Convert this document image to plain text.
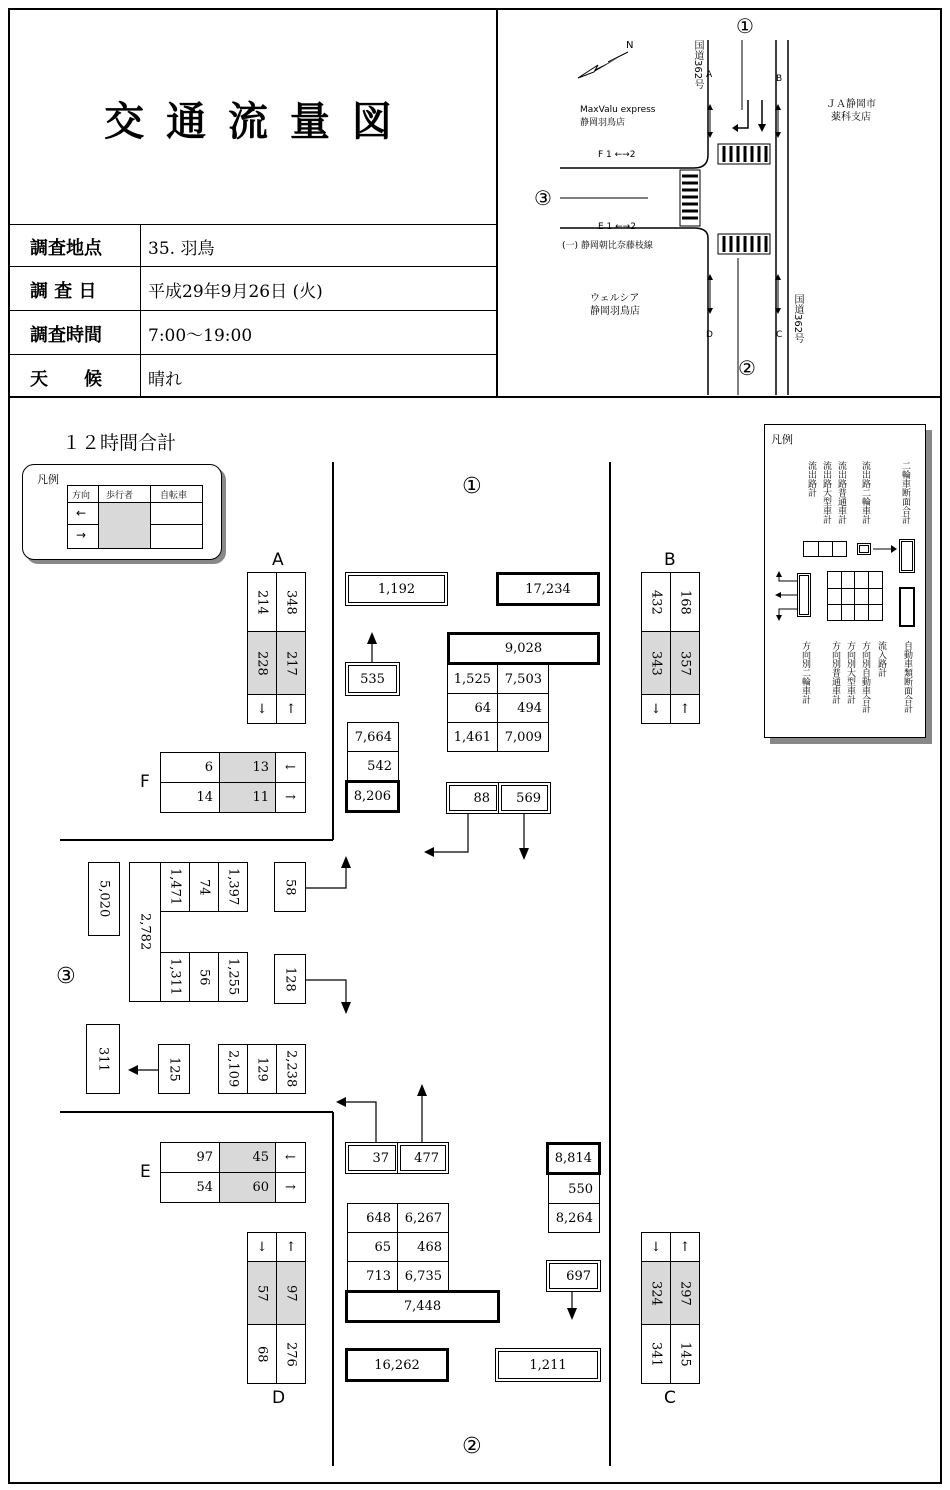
交 通 流 量 図
調査地点	35. 羽鳥
調 査 日	平成29年9月26日 (火)
調査時間	7:00～19:00
天　　候	晴れ
N
①
②
③
国道362号
国道362号
MaxValu express
静岡羽鳥店
ＪＡ静岡市
薬科支店
ウェルシア
静岡羽鳥店
(一) 静岡朝比奈藤枝線
F 1 ←→2
E 1 ←→2
A	B
C
D
１２時間合計
凡例
方向 歩行者	自転車
←
→
凡例
流出路計 流出路大型車計 流出路普通車計 流出路二輪車計	二輪車断面合計
方向別二輪車計 方向別普通車計 方向別大型車計 方向別自動車合計 流入路計 自動車類断面合計
①
②
③
A	B
C
D
E
F
214 348
228 217
↓	↑
432 168
343 357
↓	↑
↓	↑
324 297
341 145
↓	↑
57 97
68 276
6	13	←
14	11	→
97	45	←
54	60	→
1,192	17,234
535
9,028
1,525	7,503
64	494
1,461	7,009
7,664
542
8,206	88	569
5,020
2,782
1,471 74 1,397
1,311 56 1,255
58
128
311	125	2,109 129 2,238
37	477
648	6,267
65	468
713	6,735
7,448
16,262	1,211
8,814
550
8,264
697
